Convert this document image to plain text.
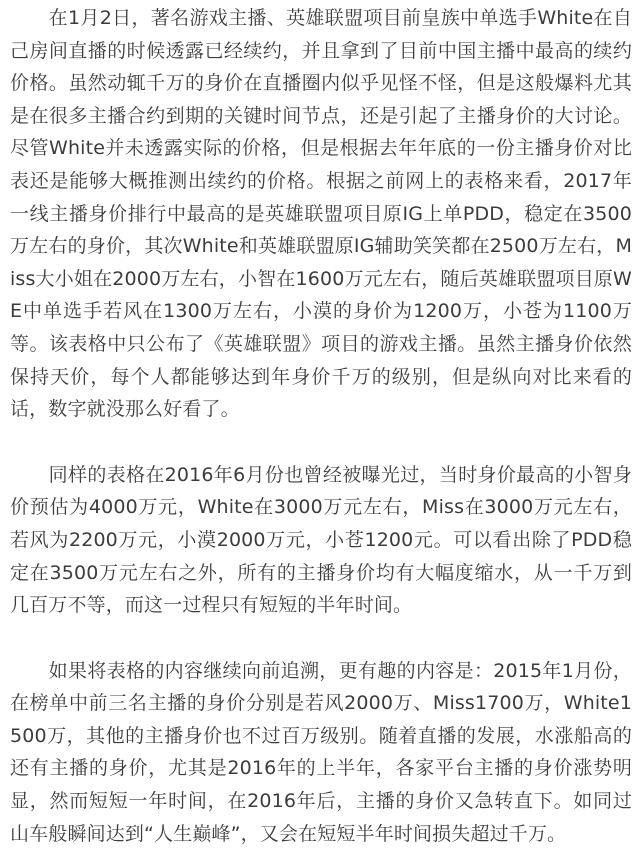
　　在1月2日，著名游戏主播、英雄联盟项目前皇族中单选手White在自己房间直播的时候透露已经续约，并且拿到了目前中国主播中最高的续约价格。虽然动辄千万的身价在直播圈内似乎见怪不怪，但是这般爆料尤其是在很多主播合约到期的关键时间节点，还是引起了主播身价的大讨论。尽管White并未透露实际的价格，但是根据去年年底的一份主播身价对比表还是能够大概推测出续约的价格。根据之前网上的表格来看，2017年一线主播身价排行中最高的是英雄联盟项目原IG上单PDD，稳定在3500万左右的身价，其次White和英雄联盟原IG辅助笑笑都在2500万左右，Miss大小姐在2000万左右，小智在1600万元左右，随后英雄联盟项目原WE中单选手若风在1300万左右，小漠的身价为1200万，小苍为1100万等。该表格中只公布了《英雄联盟》项目的游戏主播。虽然主播身价依然保持天价，每个人都能够达到年身价千万的级别，但是纵向对比来看的话，数字就没那么好看了。

　　同样的表格在2016年6月份也曾经被曝光过，当时身价最高的小智身价预估为4000万元，White在3000万元左右，Miss在3000万元左右，若风为2200万元，小漠2000万元，小苍1200元。可以看出除了PDD稳定在3500万元左右之外，所有的主播身价均有大幅度缩水，从一千万到几百万不等，而这一过程只有短短的半年时间。

　　如果将表格的内容继续向前追溯，更有趣的内容是：2015年1月份，在榜单中前三名主播的身价分别是若风2000万、Miss1700万，White1500万，其他的主播身价也不过百万级别。随着直播的发展，水涨船高的还有主播的身价，尤其是2016年的上半年，各家平台主播的身价涨势明显，然而短短一年时间，在2016年后，主播的身价又急转直下。如同过山车般瞬间达到“人生巅峰”，又会在短短半年时间损失超过千万。
